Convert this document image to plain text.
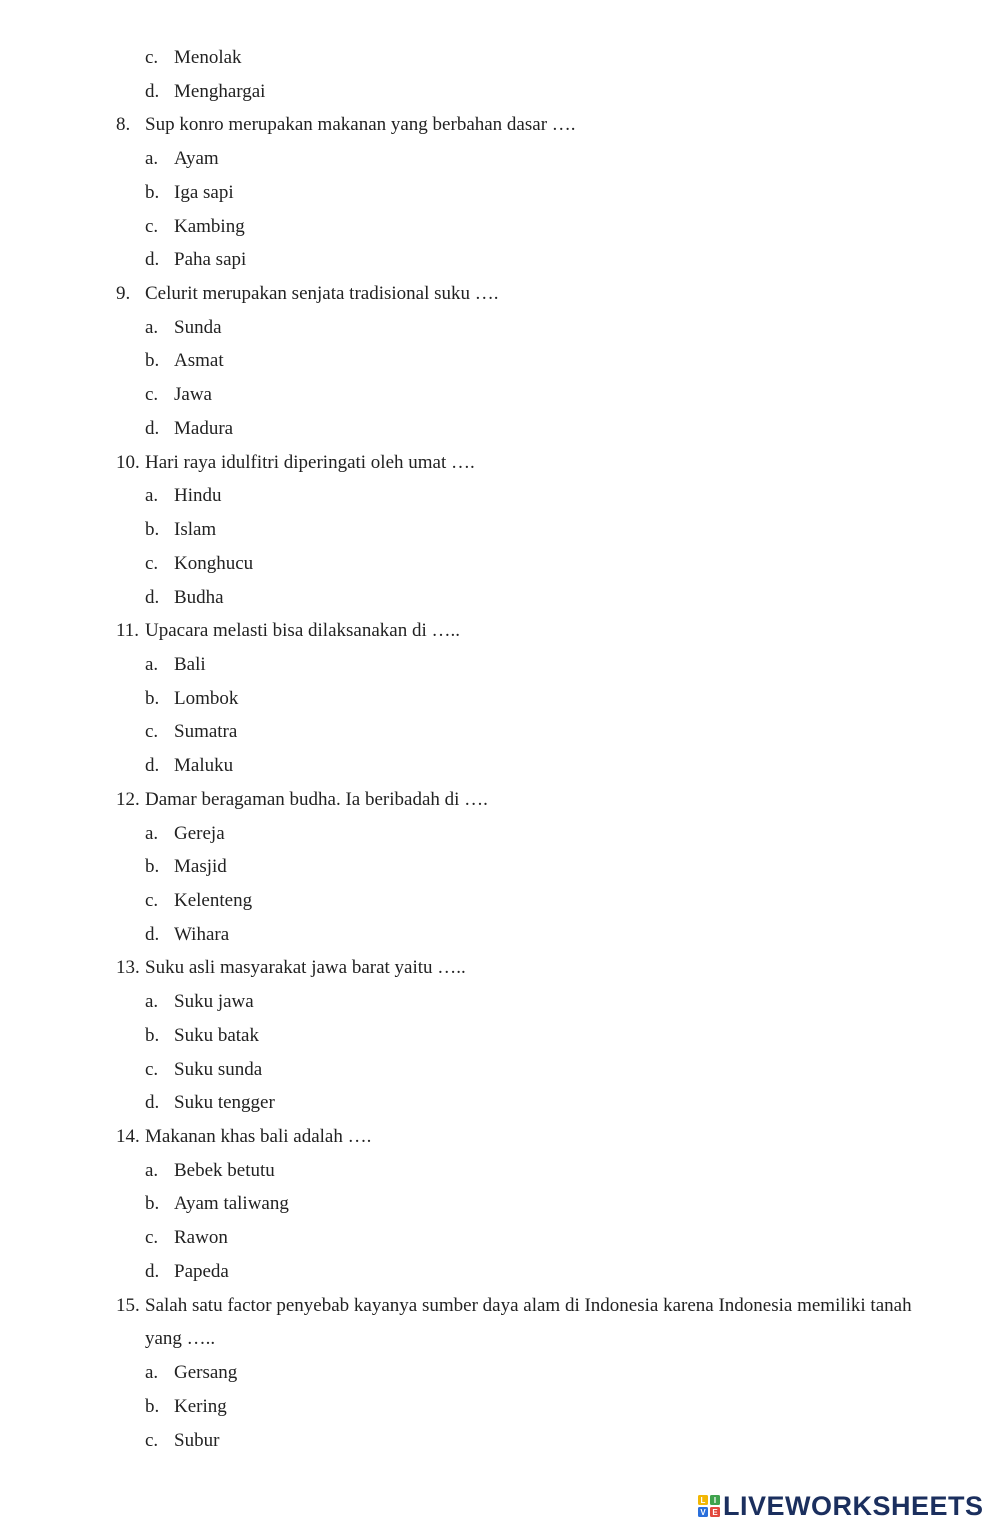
c. Menolak
d. Menghargai
8. Sup konro merupakan makanan yang berbahan dasar ….
a. Ayam
b. Iga sapi
c. Kambing
d. Paha sapi
9. Celurit merupakan senjata tradisional suku ….
a. Sunda
b. Asmat
c. Jawa
d. Madura
10. Hari raya idulfitri diperingati oleh umat ….
a. Hindu
b. Islam
c. Konghucu
d. Budha
11. Upacara melasti bisa dilaksanakan di …..
a. Bali
b. Lombok
c. Sumatra
d. Maluku
12. Damar beragaman budha. Ia beribadah di ….
a. Gereja
b. Masjid
c. Kelenteng
d. Wihara
13. Suku asli masyarakat jawa barat yaitu …..
a. Suku jawa
b. Suku batak
c. Suku sunda
d. Suku tengger
14. Makanan khas bali adalah ….
a. Bebek betutu
b. Ayam taliwang
c. Rawon
d. Papeda
15. Salah satu factor penyebab kayanya sumber daya alam di Indonesia karena Indonesia memiliki tanah
yang …..
a. Gersang
b. Kering
c. Subur
L I
V E LIVEWORKSHEETS
